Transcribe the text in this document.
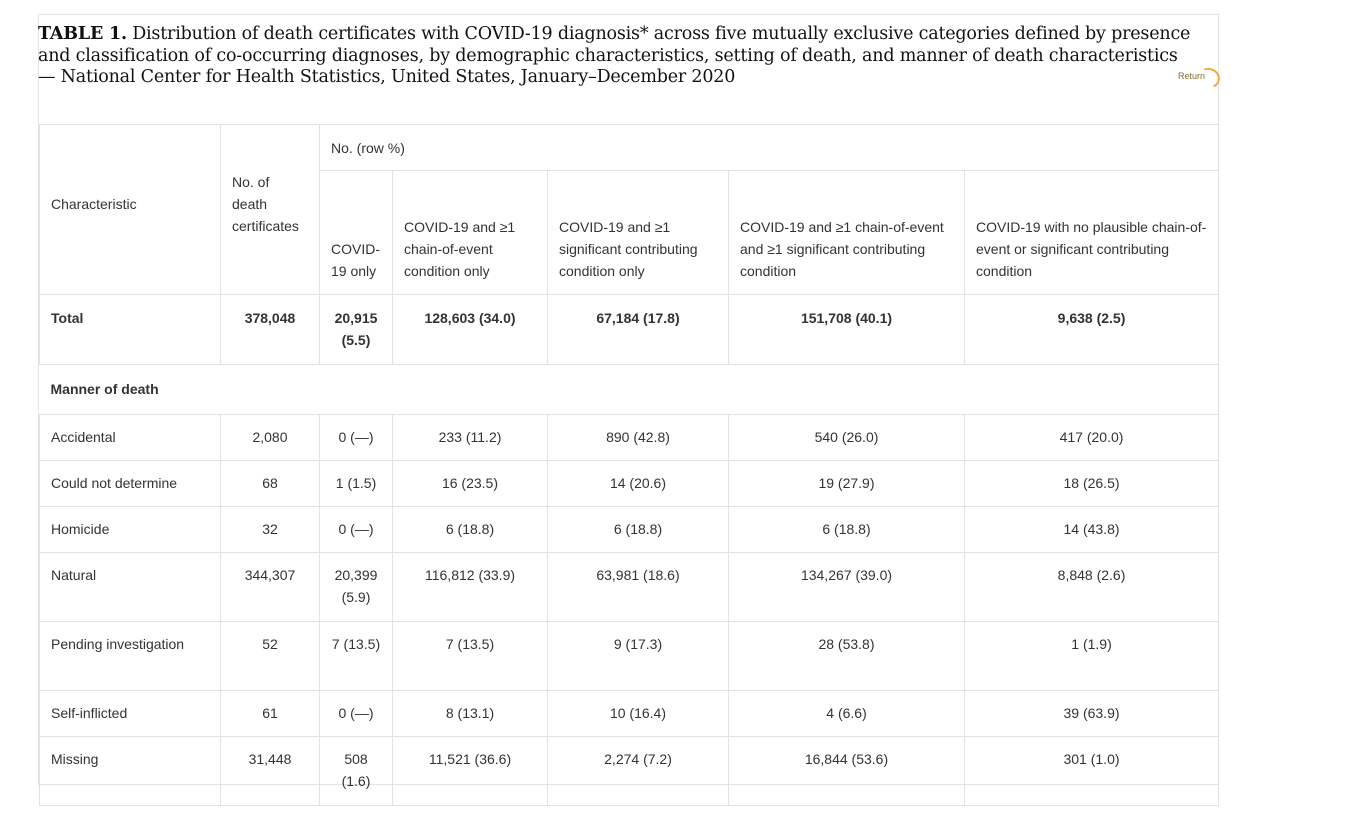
TABLE 1. Distribution of death certificates with COVID-19 diagnosis* across five mutually exclusive categories defined by presence and classification of co-occurring diagnoses, by demographic characteristics, setting of death, and manner of death characteristics — National Center for Health Statistics, United States, January–December 2020	Return
Characteristic	No. of death certificates	No. (row %)				
		COVID-19 only	COVID-19 and ≥1 chain-of-event condition only	COVID-19 and ≥1 significant contributing condition only	COVID-19 and ≥1 chain-of-event and ≥1 significant contributing condition	COVID-19 with no plausible chain-of-event or significant contributing condition
Total	378,048	20,915 (5.5)	128,603 (34.0)	67,184 (17.8)	151,708 (40.1)	9,638 (2.5)
Manner of death						
Accidental	2,080	0 (—)	233 (11.2)	890 (42.8)	540 (26.0)	417 (20.0)
Could not determine	68	1 (1.5)	16 (23.5)	14 (20.6)	19 (27.9)	18 (26.5)
Homicide	32	0 (—)	6 (18.8)	6 (18.8)	6 (18.8)	14 (43.8)
Natural	344,307	20,399 (5.9)	116,812 (33.9)	63,981 (18.6)	134,267 (39.0)	8,848 (2.6)
Pending investigation	52	7 (13.5)	7 (13.5)	9 (17.3)	28 (53.8)	1 (1.9)
Self-inflicted	61	0 (—)	8 (13.1)	10 (16.4)	4 (6.6)	39 (63.9)
Missing	31,448	508 (1.6)	11,521 (36.6)	2,274 (7.2)	16,844 (53.6)	301 (1.0)
